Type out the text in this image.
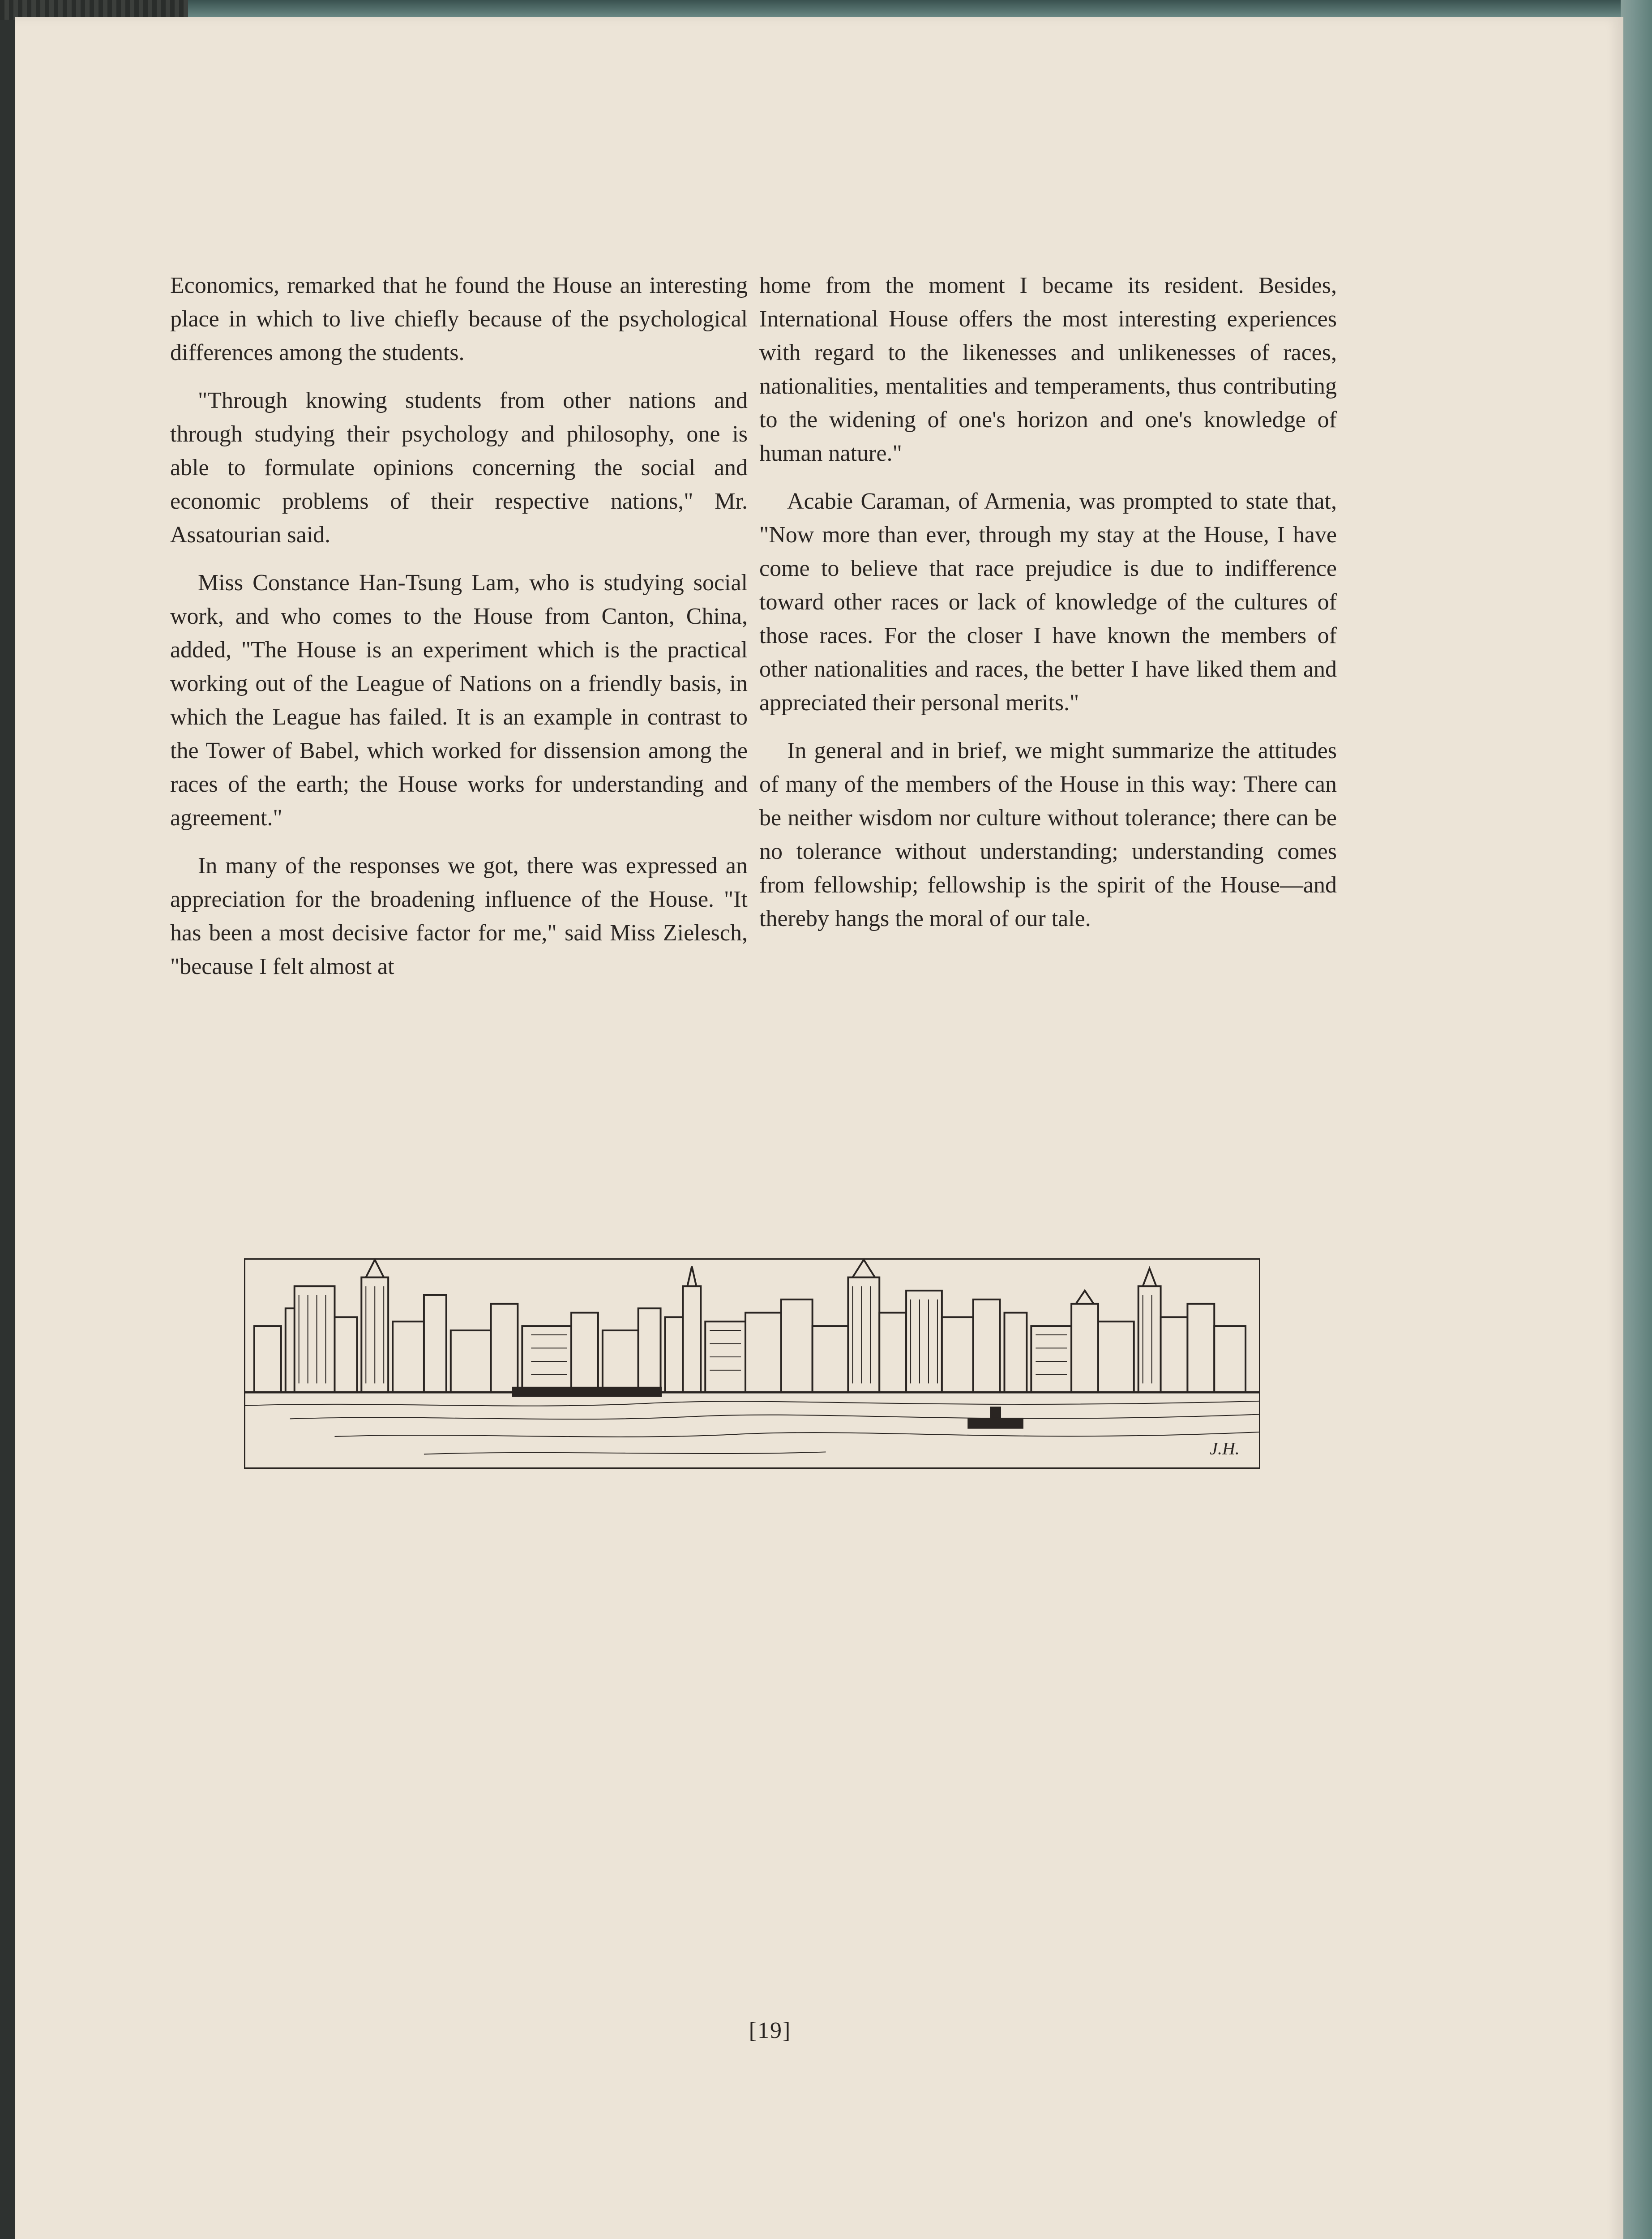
Economics, remarked that he found the House an interesting place in which to live chiefly because of the psychological differences among the students.

"Through knowing students from other nations and through studying their psychology and philosophy, one is able to formulate opinions concerning the social and economic problems of their respective nations," Mr. Assatourian said.

Miss Constance Han-Tsung Lam, who is studying social work, and who comes to the House from Canton, China, added, "The House is an experiment which is the practical working out of the League of Nations on a friendly basis, in which the League has failed. It is an example in contrast to the Tower of Babel, which worked for dissension among the races of the earth; the House works for understanding and agreement."

In many of the responses we got, there was expressed an appreciation for the broadening influence of the House. "It has been a most decisive factor for me," said Miss Zielesch, "because I felt almost at

home from the moment I became its resident. Besides, International House offers the most interesting experiences with regard to the likenesses and unlikenesses of races, nationalities, mentalities and temperaments, thus contributing to the widening of one's horizon and one's knowledge of human nature."

Acabie Caraman, of Armenia, was prompted to state that, "Now more than ever, through my stay at the House, I have come to believe that race prejudice is due to indifference toward other races or lack of knowledge of the cultures of those races. For the closer I have known the members of other nationalities and races, the better I have liked them and appreciated their personal merits."

In general and in brief, we might summarize the attitudes of many of the members of the House in this way: There can be neither wisdom nor culture without tolerance; there can be no tolerance without understanding; understanding comes from fellowship; fellowship is the spirit of the House—and thereby hangs the moral of our tale.

J.H.
[19]
